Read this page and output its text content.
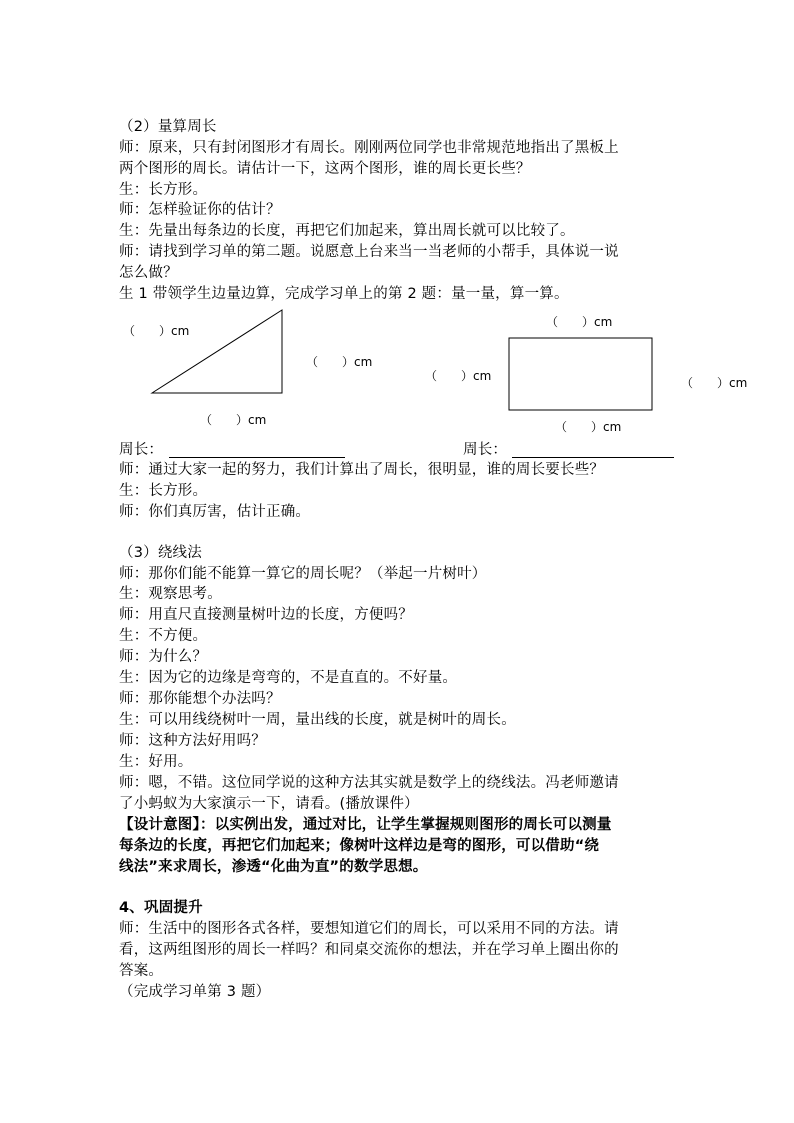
（2）量算周长
师：原来，只有封闭图形才有周长。刚刚两位同学也非常规范地指出了黑板上
两个图形的周长。请估计一下，这两个图形，谁的周长更长些？
生：长方形。
师：怎样验证你的估计？
生：先量出每条边的长度，再把它们加起来，算出周长就可以比较了。
师：请找到学习单的第二题。说愿意上台来当一当老师的小帮手，具体说一说
怎么做？
生 1 带领学生边量边算，完成学习单上的第 2 题：量一量，算一算。
（　　）cm
（　　）cm
（　　）cm
（　　）cm
（　　）cm	（　　）cm
（　　）cm
周长：	周长：
师：通过大家一起的努力，我们计算出了周长，很明显，谁的周长要长些？
生：长方形。
师：你们真厉害，估计正确。
（3）绕线法
师：那你们能不能算一算它的周长呢？（举起一片树叶）
生：观察思考。
师：用直尺直接测量树叶边的长度，方便吗？
生：不方便。
师：为什么？
生：因为它的边缘是弯弯的，不是直直的。不好量。
师：那你能想个办法吗？
生：可以用线绕树叶一周，量出线的长度，就是树叶的周长。
师：这种方法好用吗？
生：好用。
师：嗯，不错。这位同学说的这种方法其实就是数学上的绕线法。冯老师邀请
了小蚂蚁为大家演示一下，请看。(播放课件）
【设计意图】：以实例出发，通过对比，让学生掌握规则图形的周长可以测量
每条边的长度，再把它们加起来；像树叶这样边是弯的图形，可以借助“绕
线法”来求周长，渗透“化曲为直”的数学思想。
4、巩固提升
师：生活中的图形各式各样，要想知道它们的周长，可以采用不同的方法。请
看，这两组图形的周长一样吗？和同桌交流你的想法，并在学习单上圈出你的
答案。
（完成学习单第 3 题）
